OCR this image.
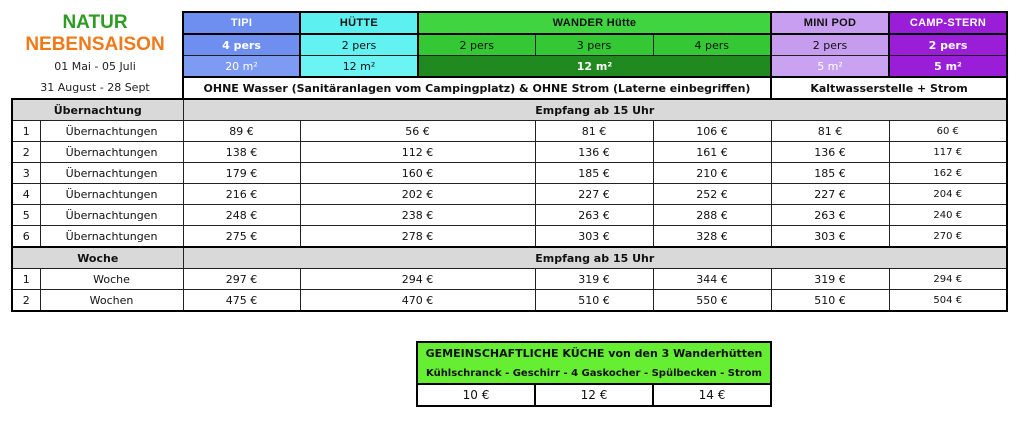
NATUR
NEBENSAISON
01 Mai - 05 Juli
31 August - 28 Sept
		TIPI	HÜTTE	WANDER Hütte			MINI POD	CAMP-STERN
		4 pers	2 pers	2 pers	3 pers	4 pers	2 pers	2 pers
		20 m²	12 m²	12 m²			5 m²	5 m²
		OHNE Wasser (Sanitäranlagen vom Campingplatz) & OHNE Strom (Laterne einbegriffen)					Kaltwasserstelle + Strom	
Übernachtung		Empfang ab 15 Uhr						
1	Übernachtungen	89 €	56 €		81 €	106 €	81 €	60 €
2	Übernachtungen	138 €	112 €		136 €	161 €	136 €	117 €
3	Übernachtungen	179 €	160 €		185 €	210 €	185 €	162 €
4	Übernachtungen	216 €	202 €		227 €	252 €	227 €	204 €
5	Übernachtungen	248 €	238 €		263 €	288 €	263 €	240 €
6	Übernachtungen	275 €	278 €		303 €	328 €	303 €	270 €
Woche		Empfang ab 15 Uhr						
1	Woche	297 €	294 €		319 €	344 €	319 €	294 €
2	Wochen	475 €	470 €		510 €	550 €	510 €	504 €
GEMEINSCHAFTLICHE KÜCHE von den 3 Wanderhütten
Kühlschranck - Geschirr - 4 Gaskocher - Spülbecken - Strom
10 €	12 €	14 €
